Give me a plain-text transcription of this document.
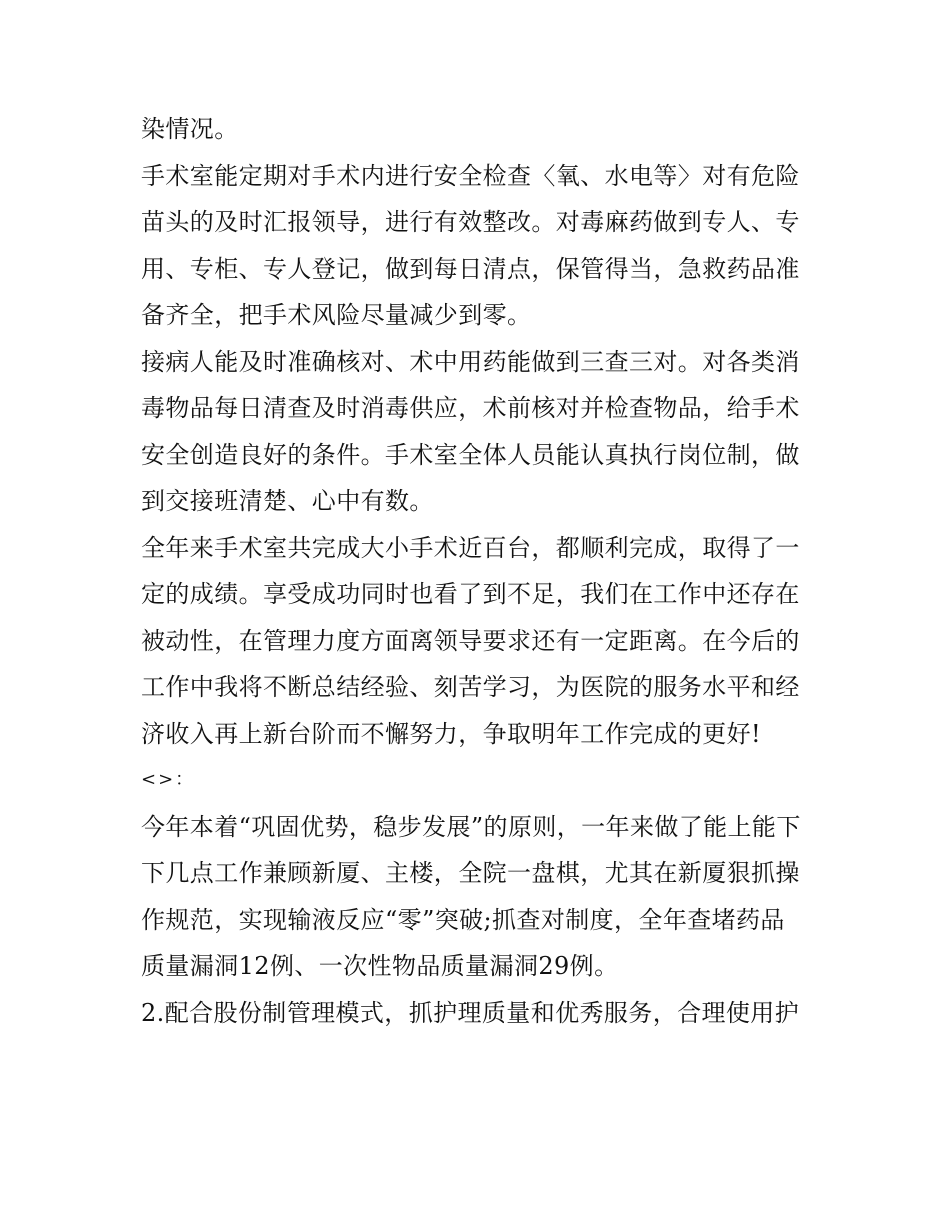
染情况。
手术室能定期对手术内进行安全检查〈氧、水电等〉对有危险
苗头的及时汇报领导，进行有效整改。对毒麻药做到专人、专
用、专柜、专人登记，做到每日清点，保管得当，急救药品准
备齐全，把手术风险尽量减少到零。
接病人能及时准确核对、术中用药能做到三查三对。对各类消
毒物品每日清查及时消毒供应，术前核对并检查物品，给手术
安全创造良好的条件。手术室全体人员能认真执行岗位制，做
到交接班清楚、心中有数。
全年来手术室共完成大小手术近百台，都顺利完成，取得了一
定的成绩。享受成功同时也看了到不足，我们在工作中还存在
被动性，在管理力度方面离领导要求还有一定距离。在今后的
工作中我将不断总结经验、刻苦学习，为医院的服务水平和经
济收入再上新台阶而不懈努力，争取明年工作完成的更好!
<>：
今年本着“巩固优势，稳步发展”的原则，一年来做了能上能下
下几点工作兼顾新厦、主楼，全院一盘棋，尤其在新厦狠抓操
作规范，实现输液反应“零”突破;抓查对制度，全年查堵药品
质量漏洞12例、一次性物品质量漏洞29例。
2.配合股份制管理模式，抓护理质量和优秀服务，合理使用护
